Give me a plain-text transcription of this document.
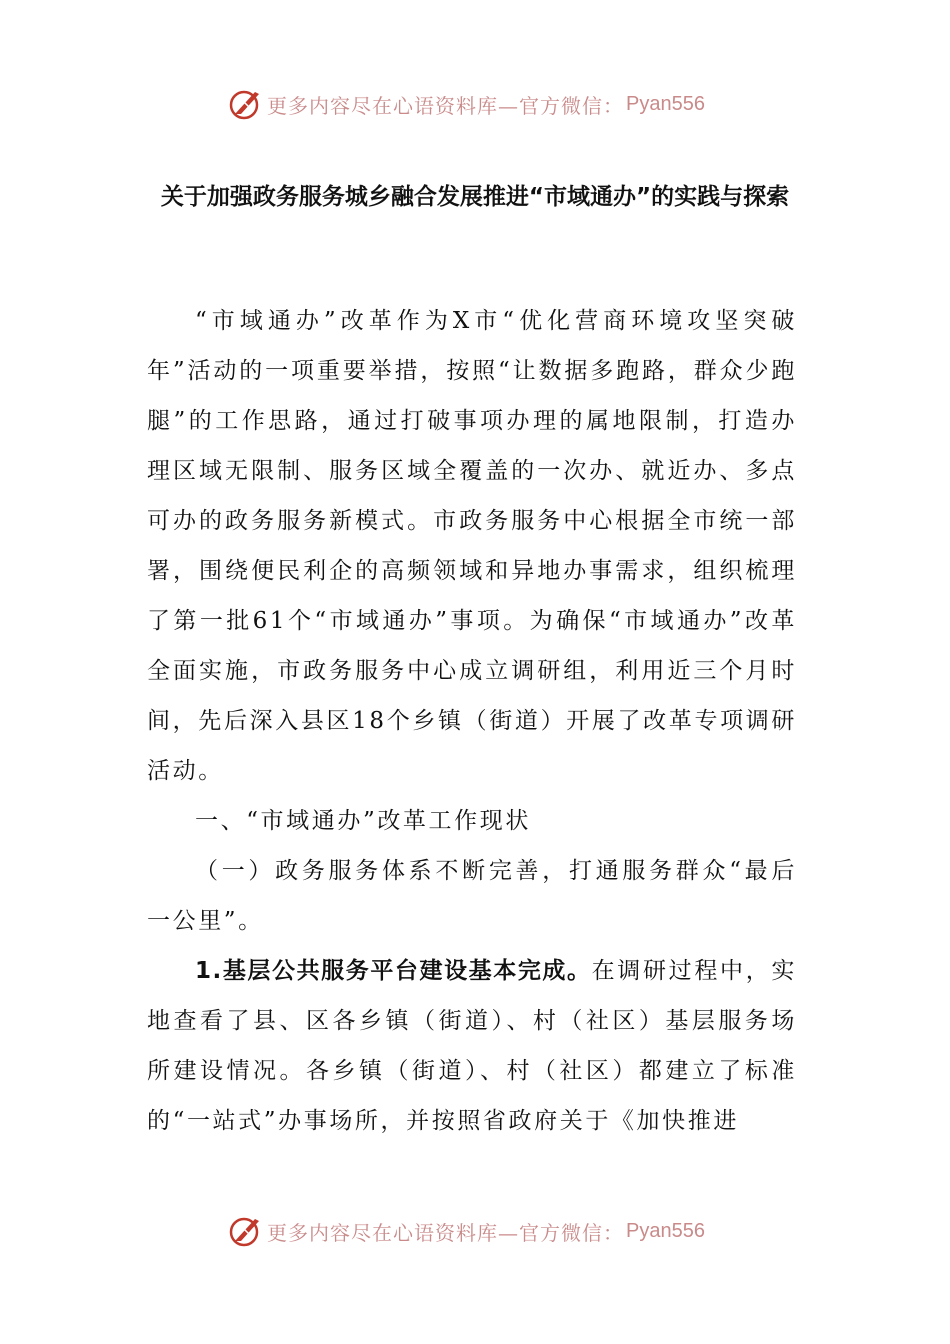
更多内容尽在心语资料库—官方微信： Pyan556
关于加强政务服务城乡融合发展推进“市域通办”的实践与探索
“市域通办”改革作为X市“优化营商环境攻坚突破年”活动的一项重要举措，按照“让数据多跑路，群众少跑腿”的工作思路，通过打破事项办理的属地限制，打造办理区域无限制、服务区域全覆盖的一次办、就近办、多点可办的政务服务新模式。市政务服务中心根据全市统一部署，围绕便民利企的高频领域和异地办事需求，组织梳理了第一批61个“市域通办”事项。为确保“市域通办”改革全面实施，市政务服务中心成立调研组，利用近三个月时间，先后深入县区18个乡镇（街道）开展了改革专项调研活动。
一、“市域通办”改革工作现状
（一）政务服务体系不断完善，打通服务群众“最后一公里”。
1.基层公共服务平台建设基本完成。在调研过程中，实地查看了县、区各乡镇（街道）、村（社区）基层服务场所建设情况。各乡镇（街道）、村（社区）都建立了标准的“一站式”办事场所，并按照省政府关于《加快推进
更多内容尽在心语资料库—官方微信： Pyan556
